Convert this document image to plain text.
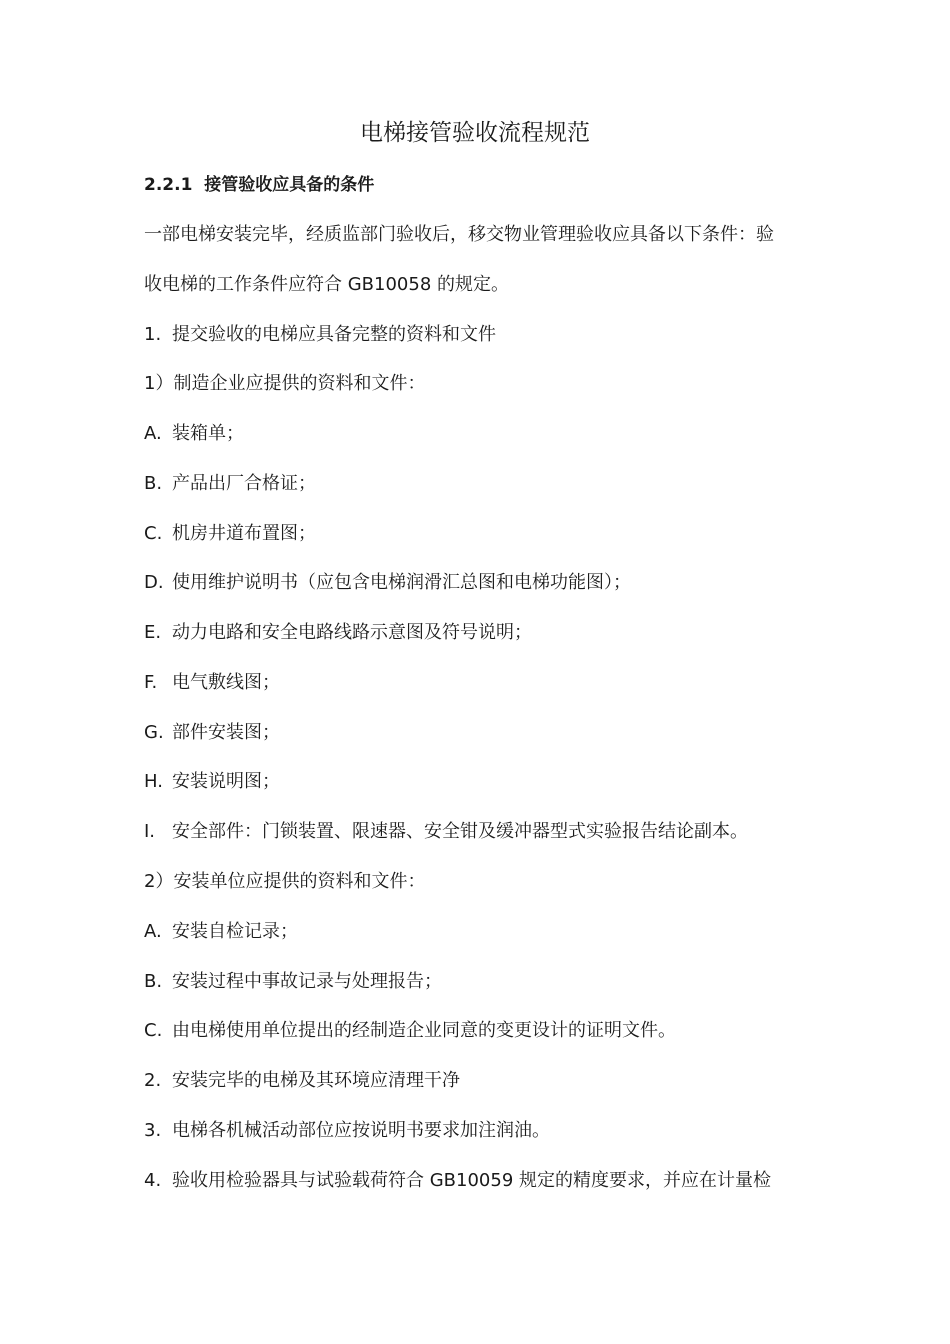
电梯接管验收流程规范
2.2.1 接管验收应具备的条件

一部电梯安装完毕，经质监部门验收后，移交物业管理验收应具备以下条件：验

收电梯的工作条件应符合 GB10058 的规定。

1. 提交验收的电梯应具备完整的资料和文件

1）制造企业应提供的资料和文件：

A. 装箱单；

B. 产品出厂合格证；

C. 机房井道布置图；

D. 使用维护说明书（应包含电梯润滑汇总图和电梯功能图）；

E. 动力电路和安全电路线路示意图及符号说明；

F. 电气敷线图；

G. 部件安装图；

H. 安装说明图；

I. 安全部件：门锁装置、限速器、安全钳及缓冲器型式实验报告结论副本。

2）安装单位应提供的资料和文件：

A. 安装自检记录；

B. 安装过程中事故记录与处理报告；

C. 由电梯使用单位提出的经制造企业同意的变更设计的证明文件。

2. 安装完毕的电梯及其环境应清理干净

3. 电梯各机械活动部位应按说明书要求加注润油。

4. 验收用检验器具与试验载荷符合 GB10059 规定的精度要求，并应在计量检
